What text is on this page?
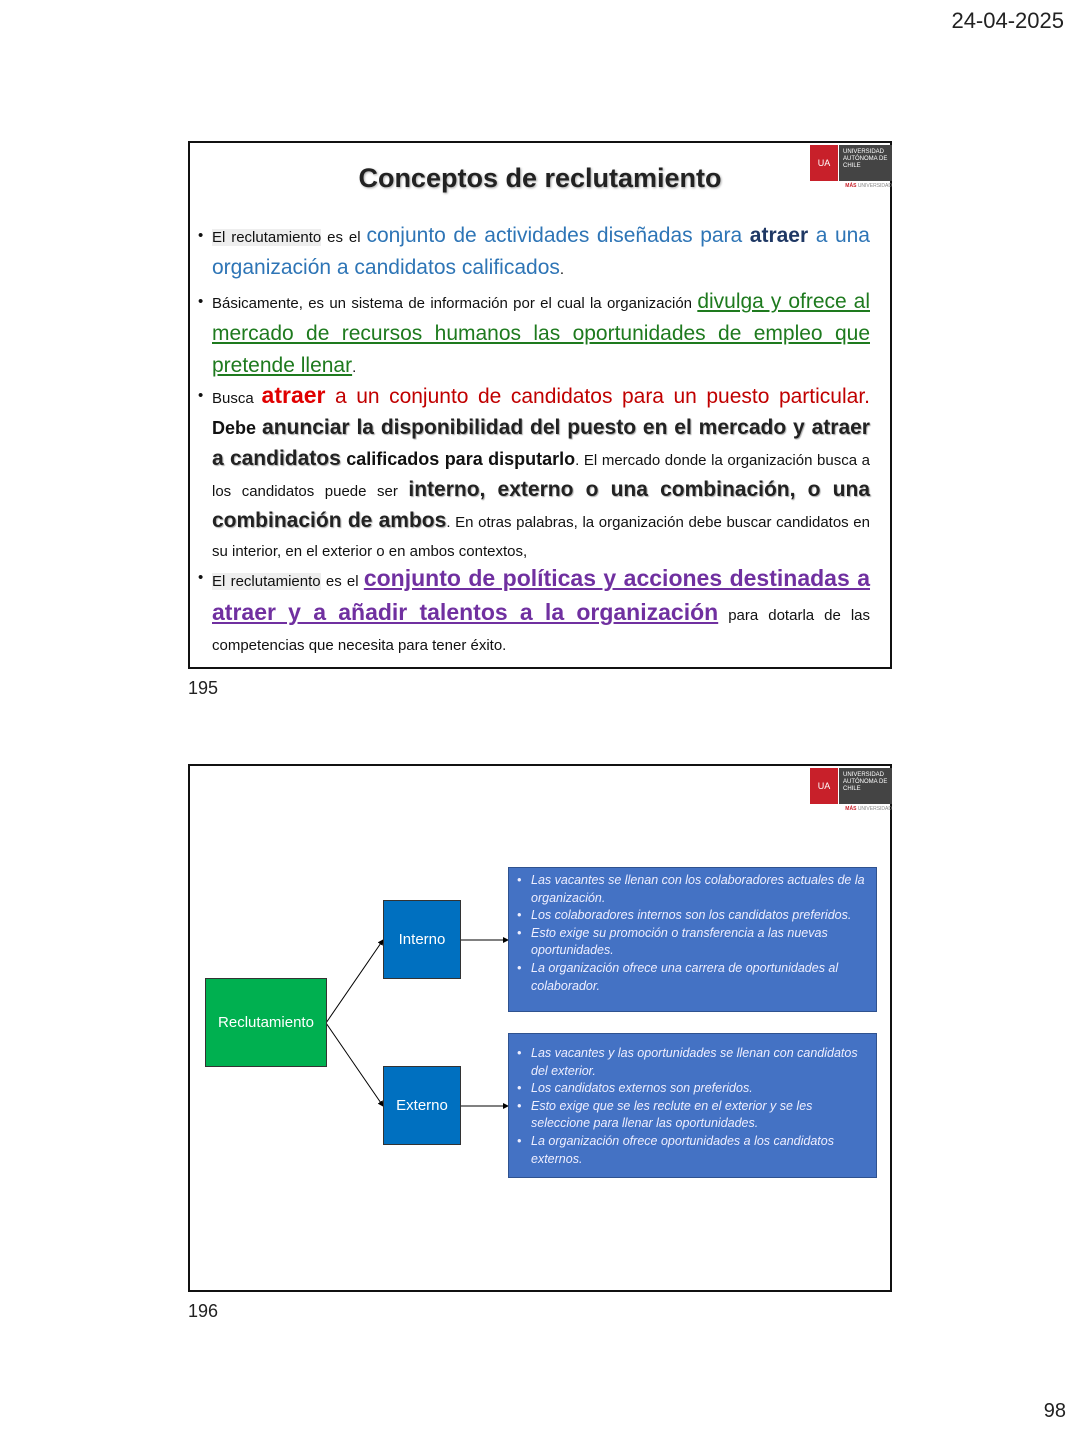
24-04-2025
UA
UNIVERSIDAD AUTÓNOMA DE CHILE
MÁS UNIVERSIDAD
Conceptos de reclutamiento
• El reclutamiento es el conjunto de actividades diseñadas para atraer a una organización a candidatos calificados.
• Básicamente, es un sistema de información por el cual la organización divulga y ofrece al mercado de recursos humanos las oportunidades de empleo que pretende llenar.
• Busca atraer a un conjunto de candidatos para un puesto particular. Debe anunciar la disponibilidad del puesto en el mercado y atraer a candidatos calificados para disputarlo. El mercado donde la organización busca a los candidatos puede ser interno, externo o una combinación, o una combinación de ambos. En otras palabras, la organización debe buscar candidatos en su interior, en el exterior o en ambos contextos,
• El reclutamiento es el conjunto de políticas y acciones destinadas a atraer y a añadir talentos a la organización para dotarla de las competencias que necesita para tener éxito.
195
UA
UNIVERSIDAD AUTÓNOMA DE CHILE
MÁS UNIVERSIDAD
Reclutamiento
Interno
Externo
• Las vacantes se llenan con los colaboradores actuales de la organización.
• Los colaboradores internos son los candidatos preferidos.
• Esto exige su promoción o transferencia a las nuevas oportunidades.
• La organización ofrece una carrera de oportunidades al colaborador.
• Las vacantes y las oportunidades se llenan con candidatos del exterior.
• Los candidatos externos son preferidos.
• Esto exige que se les reclute en el exterior y se les seleccione para llenar las oportunidades.
• La organización ofrece oportunidades a los candidatos externos.
196
98
